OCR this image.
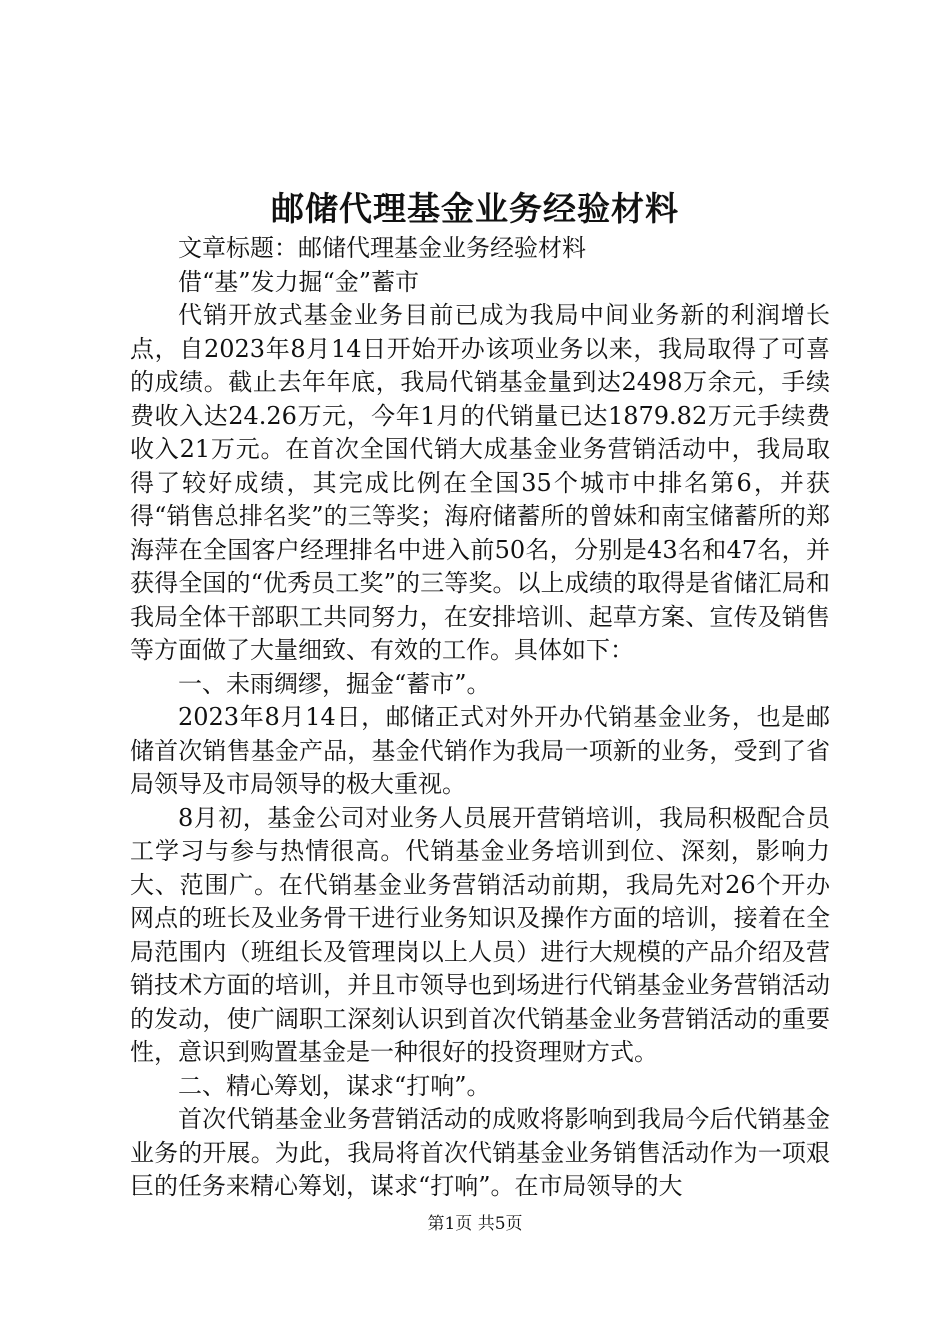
邮储代理基金业务经验材料

文章标题：邮储代理基金业务经验材料

借“基”发力掘“金”蓄市

代销开放式基金业务目前已成为我局中间业务新的利润增长点，自2023年8月14日开始开办该项业务以来，我局取得了可喜的成绩。截止去年年底，我局代销基金量到达2498万余元，手续费收入达24.26万元，今年1月的代销量已达1879.82万元手续费收入21万元。在首次全国代销大成基金业务营销活动中，我局取得了较好成绩，其完成比例在全国35个城市中排名第6，并获得“销售总排名奖”的三等奖；海府储蓄所的曾妹和南宝储蓄所的郑海萍在全国客户经理排名中进入前50名，分别是43名和47名，并获得全国的“优秀员工奖”的三等奖。以上成绩的取得是省储汇局和我局全体干部职工共同努力，在安排培训、起草方案、宣传及销售等方面做了大量细致、有效的工作。具体如下：

一、未雨绸缪，掘金“蓄市”。

2023年8月14日，邮储正式对外开办代销基金业务，也是邮储首次销售基金产品，基金代销作为我局一项新的业务，受到了省局领导及市局领导的极大重视。

8月初，基金公司对业务人员展开营销培训，我局积极配合员工学习与参与热情很高。代销基金业务培训到位、深刻，影响力大、范围广。在代销基金业务营销活动前期，我局先对26个开办网点的班长及业务骨干进行业务知识及操作方面的培训，接着在全局范围内（班组长及管理岗以上人员）进行大规模的产品介绍及营销技术方面的培训，并且市领导也到场进行代销基金业务营销活动的发动，使广阔职工深刻认识到首次代销基金业务营销活动的重要性，意识到购置基金是一种很好的投资理财方式。

二、精心筹划，谋求“打响”。

首次代销基金业务营销活动的成败将影响到我局今后代销基金业务的开展。为此，我局将首次代销基金业务销售活动作为一项艰巨的任务来精心筹划，谋求“打响”。在市局领导的大

第1页 共5页
